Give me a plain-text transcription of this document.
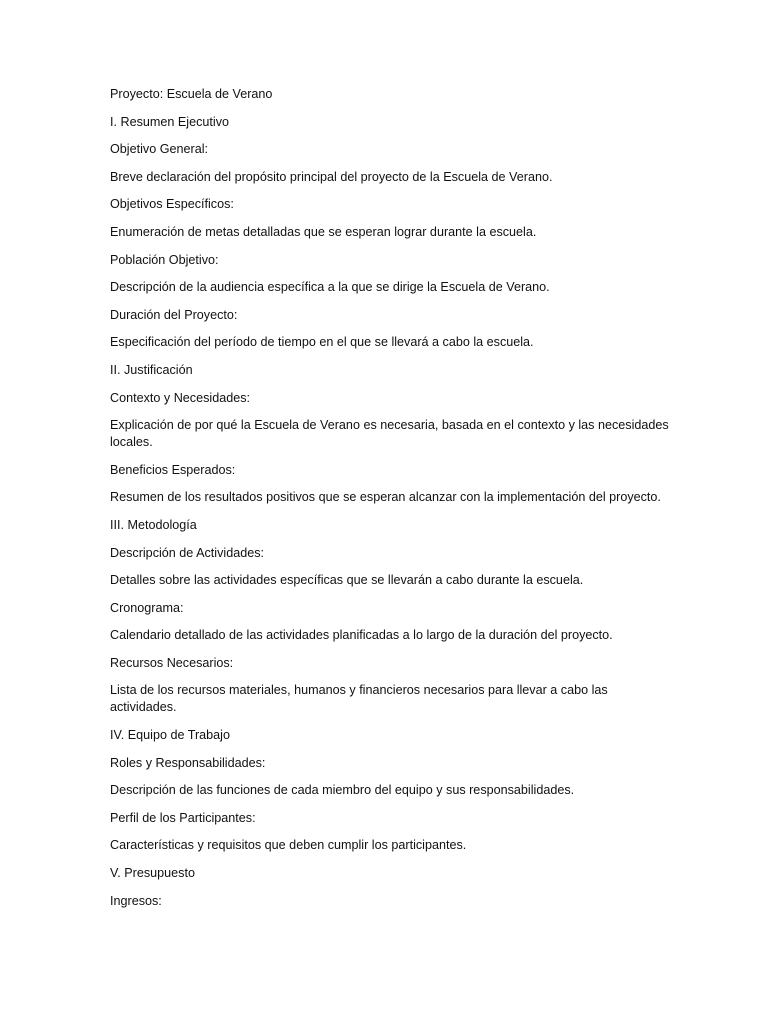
Proyecto: Escuela de Verano

I. Resumen Ejecutivo

Objetivo General:

Breve declaración del propósito principal del proyecto de la Escuela de Verano.

Objetivos Específicos:

Enumeración de metas detalladas que se esperan lograr durante la escuela.

Población Objetivo:

Descripción de la audiencia específica a la que se dirige la Escuela de Verano.

Duración del Proyecto:

Especificación del período de tiempo en el que se llevará a cabo la escuela.

II. Justificación

Contexto y Necesidades:

Explicación de por qué la Escuela de Verano es necesaria, basada en el contexto y las necesidades locales.

Beneficios Esperados:

Resumen de los resultados positivos que se esperan alcanzar con la implementación del proyecto.

III. Metodología

Descripción de Actividades:

Detalles sobre las actividades específicas que se llevarán a cabo durante la escuela.

Cronograma:

Calendario detallado de las actividades planificadas a lo largo de la duración del proyecto.

Recursos Necesarios:

Lista de los recursos materiales, humanos y financieros necesarios para llevar a cabo las actividades.

IV. Equipo de Trabajo

Roles y Responsabilidades:

Descripción de las funciones de cada miembro del equipo y sus responsabilidades.

Perfil de los Participantes:

Características y requisitos que deben cumplir los participantes.

V. Presupuesto

Ingresos:
